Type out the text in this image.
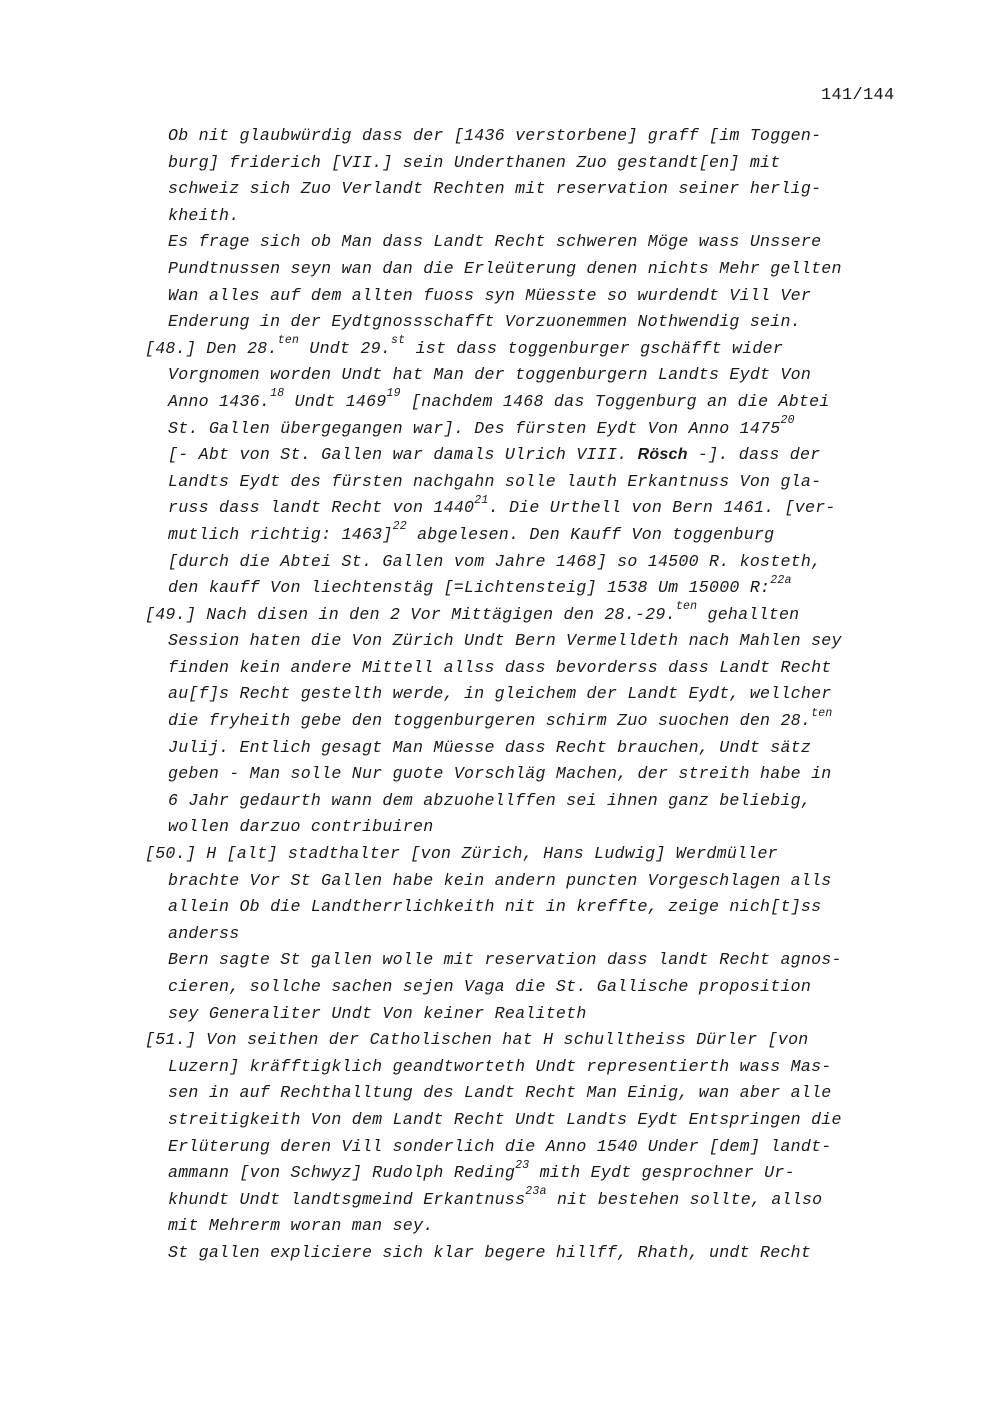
141/144
Ob nit glaubwürdig dass der [1436 verstorbene] graff [im Toggen-
burg] friderich [VII.] sein Underthanen Zuo gestandt[en] mit
schweiz sich Zuo Verlandt Rechten mit reservation seiner herlig-
kheith.
Es frage sich ob Man dass Landt Recht schweren Möge wass Unssere
Pundtnussen seyn wan dan die Erleüterung denen nichts Mehr gellten
Wan alles auf dem allten fuoss syn Müesste so wurdendt Vill Ver
Enderung in der Eydtgnossschafft Vorzuonemmen Nothwendig sein.
[48.] Den 28.$^{ten}$ Undt 29.$^{st}$ ist dass toggenburger gschäfft wider
Vorgnomen worden Undt hat Man der toggenburgern Landts Eydt Von
Anno 1436.18 Undt 1469$^{19}$ [nachdem 1468 das Toggenburg an die Abtei
St. Gallen übergegangen war]. Des fürsten Eydt Von Anno 1475$^{20}$
[- Abt von St. Gallen war damals Ulrich VIII. Rösch -]. dass der
Landts Eydt des fürsten nachgahn solle lauth Erkantnuss Von gla-
russ dass landt Recht von 1440$^{21}$. Die Urthell von Bern 1461. [ver-
mutlich richtig: 1463]$^{22}$ abgelesen. Den Kauff Von toggenburg
[durch die Abtei St. Gallen vom Jahre 1468] so 14500 R. kosteth,
den kauff Von liechtenstäg [=Lichtensteig] 1538 Um 15000 R:$^{22a}$
[49.] Nach disen in den 2 Vor Mittägigen den 28.-29.$^{ten}$ gehallten
Session haten die Von Zürich Undt Bern Vermelldeth nach Mahlen sey
finden kein andere Mittell allss dass bevorderss dass Landt Recht
au[f]s Recht gestelth werde, in gleichem der Landt Eydt, wellcher
die fryheith gebe den toggenburgeren schirm Zuo suochen den 28.$^{ten}$
Julij. Entlich gesagt Man Müesse dass Recht brauchen, Undt sätz
geben - Man solle Nur guote Vorschläg Machen, der streith habe in
6 Jahr gedaurth wann dem abzuohellffen sei ihnen ganz beliebig,
wollen darzuo contribuiren
[50.] H [alt] stadthalter [von Zürich, Hans Ludwig] Werdmüller
brachte Vor St Gallen habe kein andern puncten Vorgeschlagen alls
allein Ob die Landtherrlichkeith nit in kreffte, zeige nich[t]ss
anderss
Bern sagte St gallen wolle mit reservation dass landt Recht agnos-
cieren, sollche sachen sejen Vaga die St. Gallische proposition
sey Generaliter Undt Von keiner Realiteth
[51.] Von seithen der Catholischen hat H schulltheiss Dürler [von
Luzern] kräfftigklich geandtworteth Undt representierth wass Mas-
sen in auf Rechthalltung des Landt Recht Man Einig, wan aber alle
streitigkeith Von dem Landt Recht Undt Landts Eydt Entspringen die
Erlüterung deren Vill sonderlich die Anno 1540 Under [dem] landt-
ammann [von Schwyz] Rudolph Reding$^{23}$ mith Eydt gesprochner Ur-
khundt Undt landtsgmeind Erkantnuss$^{23a}$ nit bestehen sollte, allso
mit Mehrerm woran man sey.
St gallen expliciere sich klar begere hillff, Rhath, undt Recht
